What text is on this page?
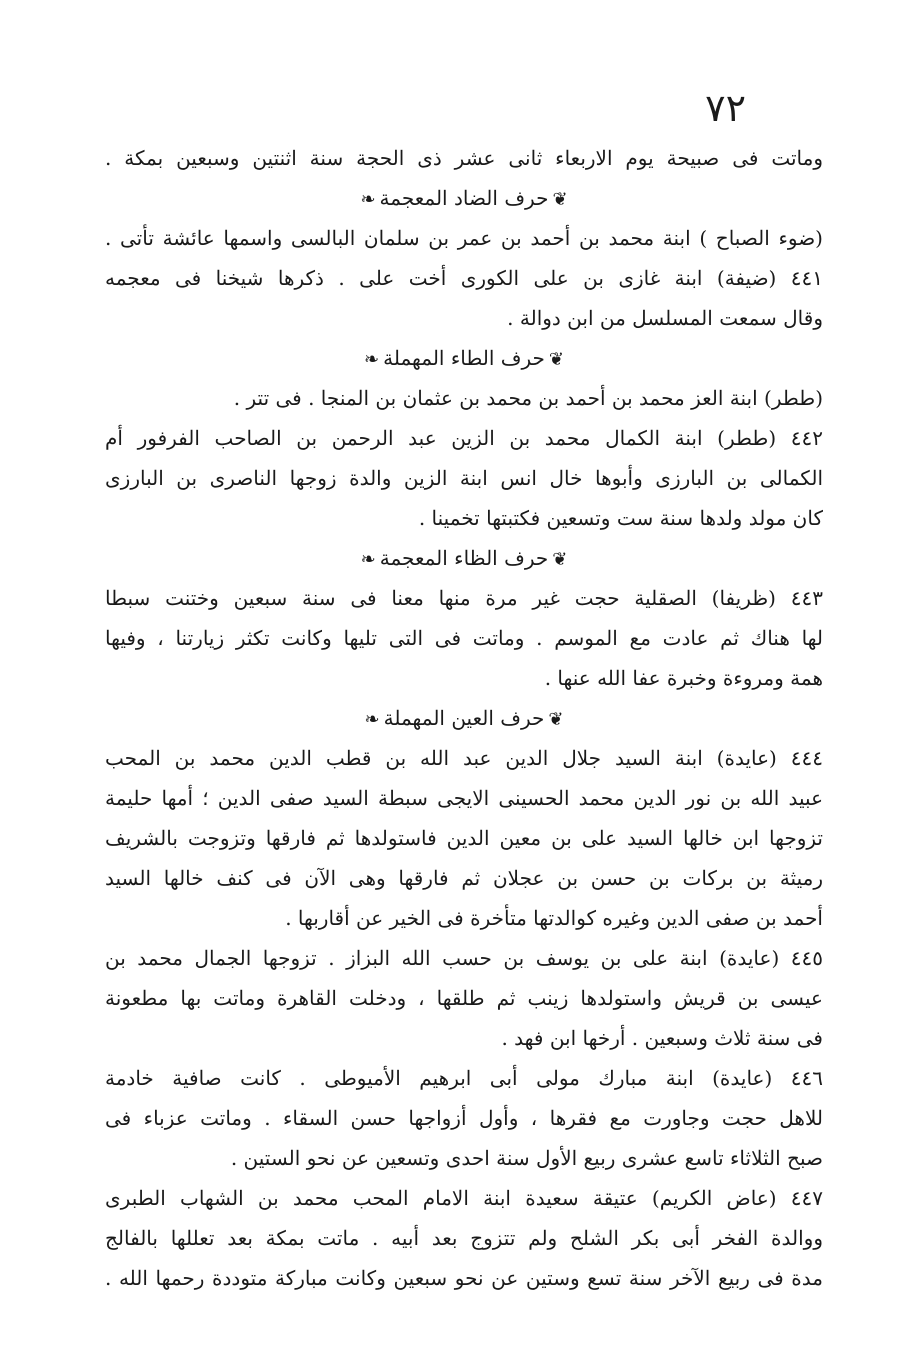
٧٢
وماتت فى صبيحة يوم الاربعاء ثانى عشر ذى الحجة سنة اثنتين وسبعين بمكة .
❦حرف الضاد المعجمة❧
(ضوء الصباح ) ابنة محمد بن أحمد بن عمر بن سلمان البالسى واسمها عائشة تأتى .
٤٤١ (ضيفة) ابنة غازى بن على الكورى أخت على . ذكرها شيخنا فى معجمه
وقال سمعت المسلسل من ابن دوالة .
❦حرف الطاء المهملة❧
(ططر) ابنة العز محمد بن أحمد بن محمد بن عثمان بن المنجا . فى تتر .
٤٤٢ (ططر) ابنة الكمال محمد بن الزين عبد الرحمن بن الصاحب الفرفور أم
الكمالى بن البارزى وأبوها خال انس ابنة الزين والدة زوجها الناصرى بن البارزى
كان مولد ولدها سنة ست وتسعين فكتبتها تخمينا .
❦حرف الظاء المعجمة❧
٤٤٣ (ظريفا) الصقلية حجت غير مرة منها معنا فى سنة سبعين وختنت سبطا
لها هناك ثم عادت مع الموسم . وماتت فى التى تليها وكانت تكثر زيارتنا ، وفيها
همة ومروءة وخبرة عفا الله عنها .
❦حرف العين المهملة❧
٤٤٤ (عايدة) ابنة السيد جلال الدين عبد الله بن قطب الدين محمد بن المحب
عبيد الله بن نور الدين محمد الحسينى الايجى سبطة السيد صفى الدين ؛ أمها حليمة
تزوجها ابن خالها السيد على بن معين الدين فاستولدها ثم فارقها وتزوجت بالشريف
رميثة بن بركات بن حسن بن عجلان ثم فارقها وهى الآن فى كنف خالها السيد
أحمد بن صفى الدين وغيره كوالدتها متأخرة فى الخير عن أقاربها .
٤٤٥ (عايدة) ابنة على بن يوسف بن حسب الله البزاز . تزوجها الجمال محمد بن
عيسى بن قريش واستولدها زينب ثم طلقها ، ودخلت القاهرة وماتت بها مطعونة
فى سنة ثلاث وسبعين . أرخها ابن فهد .
٤٤٦ (عايدة) ابنة مبارك مولى أبى ابرهيم الأميوطى . كانت صافية خادمة
للاهل حجت وجاورت مع فقرها ، وأول أزواجها حسن السقاء . وماتت عزباء فى
صبح الثلاثاء تاسع عشرى ربيع الأول سنة احدى وتسعين عن نحو الستين .
٤٤٧ (عاض الكريم) عتيقة سعيدة ابنة الامام المحب محمد بن الشهاب الطبرى
ووالدة الفخر أبى بكر الشلح ولم تتزوج بعد أبيه . ماتت بمكة بعد تعللها بالفالج
مدة فى ربيع الآخر سنة تسع وستين عن نحو سبعين وكانت مباركة متوددة رحمها الله .
